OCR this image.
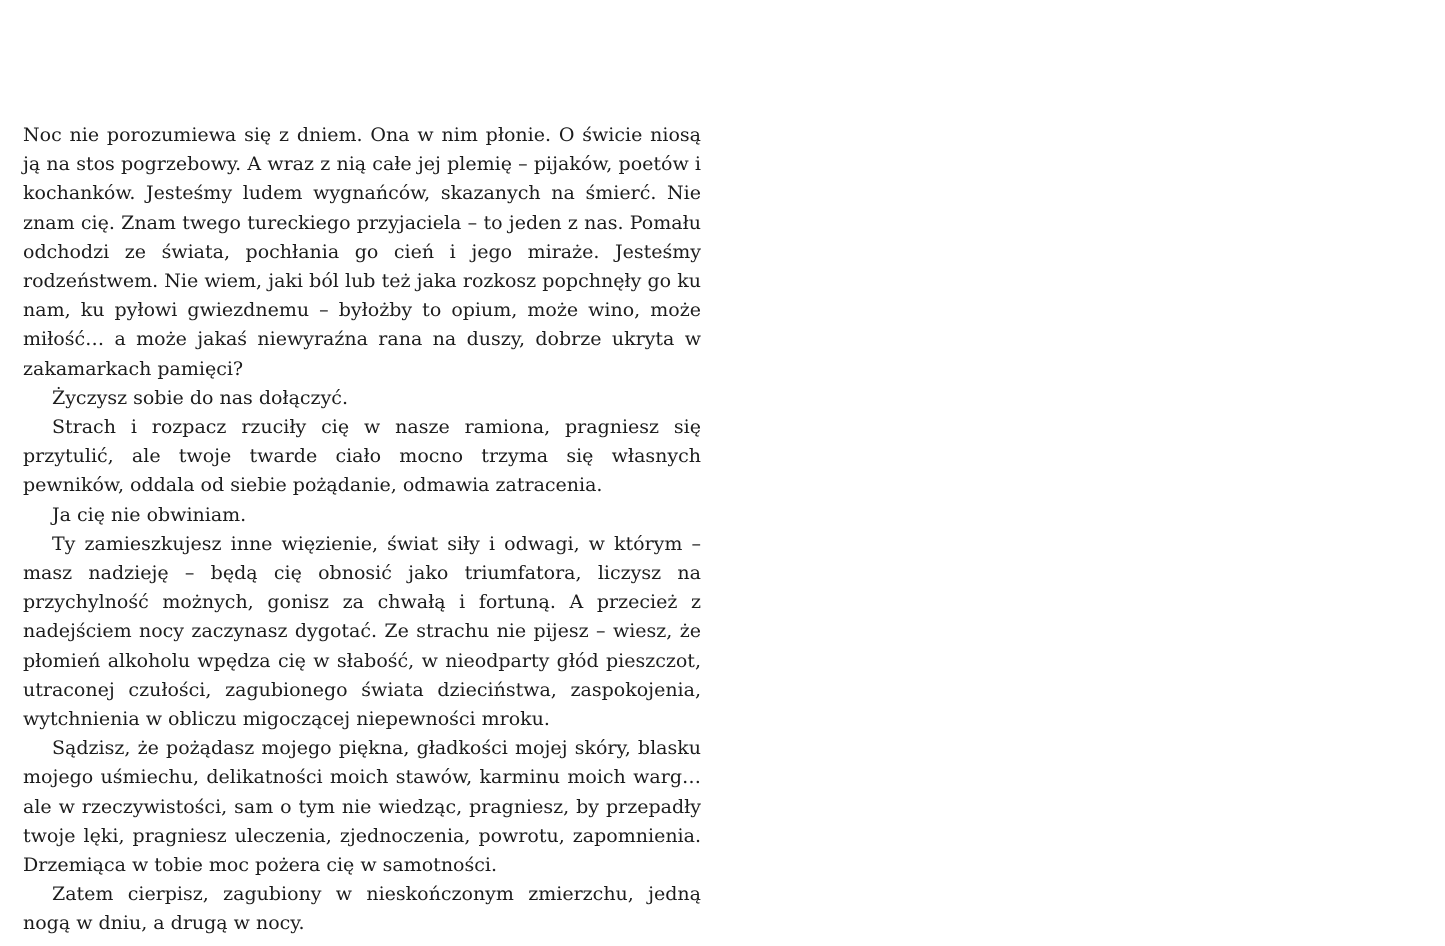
Noc nie porozumiewa się z dniem. Ona w nim płonie. O świcie niosą ją na stos pogrzebowy. A wraz z nią całe jej plemię – pijaków, poetów i kochanków. Jesteśmy ludem wygnańców, skazanych na śmierć. Nie znam cię. Znam twego tureckiego przyjaciela – to jeden z nas. Pomału odchodzi ze świata, pochłania go cień i jego miraże. Jesteśmy rodzeństwem. Nie wiem, jaki ból lub też jaka rozkosz popchnęły go ku nam, ku pyłowi gwiezdnemu – byłożby to opium, może wino, może miłość… a może jakaś niewyraźna rana na duszy, dobrze ukryta w zakamarkach pamięci?

Życzysz sobie do nas dołączyć.

Strach i rozpacz rzuciły cię w nasze ramiona, pragniesz się przytulić, ale twoje twarde ciało mocno trzyma się własnych pewników, oddala od siebie pożądanie, odmawia zatracenia.

Ja cię nie obwiniam.

Ty zamieszkujesz inne więzienie, świat siły i odwagi, w którym – masz nadzieję – będą cię obnosić jako triumfatora, liczysz na przychylność możnych, gonisz za chwałą i fortuną. A przecież z nadejściem nocy zaczynasz dygotać. Ze strachu nie pijesz – wiesz, że płomień alkoholu wpędza cię w słabość, w nieodparty głód pieszczot, utraconej czułości, zagubionego świata dzieciństwa, zaspokojenia, wytchnienia w obliczu migoczącej niepewności mroku.

Sądzisz, że pożądasz mojego piękna, gładkości mojej skóry, blasku mojego uśmiechu, delikatności moich stawów, karminu moich warg… ale w rzeczywistości, sam o tym nie wiedząc, pragniesz, by przepadły twoje lęki, pragniesz uleczenia, zjednoczenia, powrotu, zapomnienia. Drzemiąca w tobie moc pożera cię w samotności.

Zatem cierpisz, zagubiony w nieskończonym zmierzchu, jedną nogą w dniu, a drugą w nocy.
